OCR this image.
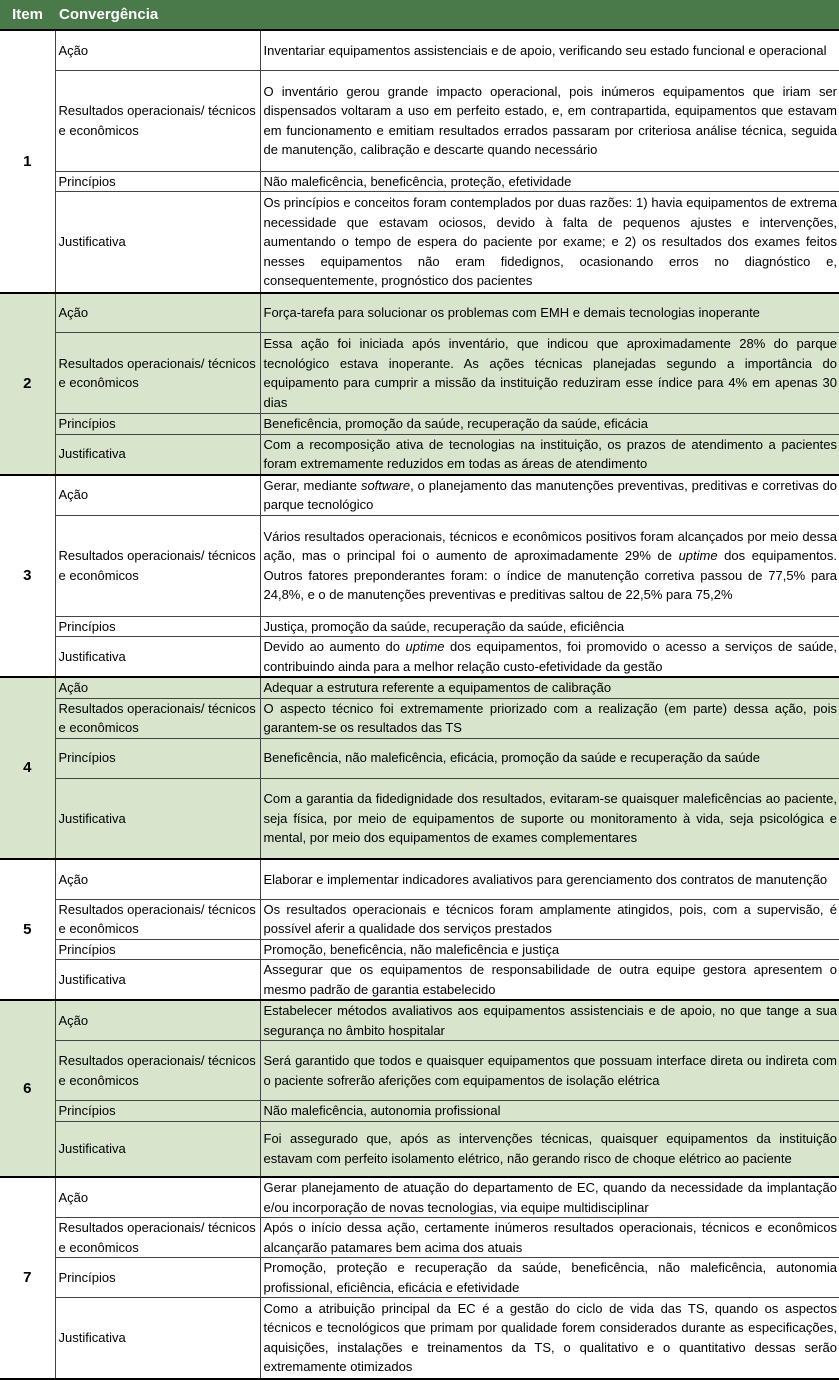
Item	Convergência	
1	Ação	Inventariar equipamentos assistenciais e de apoio, verificando seu estado funcional e operacional
	Resultados operacionais/ técnicos e econômicos	O inventário gerou grande impacto operacional, pois inúmeros equipamentos que iriam ser dispensados voltaram a uso em perfeito estado, e, em contrapartida, equipamentos que estavam em funcionamento e emitiam resultados errados passaram por criteriosa análise técnica, seguida de manutenção, calibração e descarte quando necessário
	Princípios	Não maleficência, beneficência, proteção, efetividade
	Justificativa	Os princípios e conceitos foram contemplados por duas razões: 1) havia equipamentos de extrema necessidade que estavam ociosos, devido à falta de pequenos ajustes e intervenções, aumentando o tempo de espera do paciente por exame; e 2) os resultados dos exames feitos nesses equipamentos não eram fidedignos, ocasionando erros no diagnóstico e, consequentemente, prognóstico dos pacientes
2	Ação	Força-tarefa para solucionar os problemas com EMH e demais tecnologias inoperante
	Resultados operacionais/ técnicos e econômicos	Essa ação foi iniciada após inventário, que indicou que aproximadamente 28% do parque tecnológico estava inoperante. As ações técnicas planejadas segundo a importância do equipamento para cumprir a missão da instituição reduziram esse índice para 4% em apenas 30 dias
	Princípios	Beneficência, promoção da saúde, recuperação da saúde, eficácia
	Justificativa	Com a recomposição ativa de tecnologias na instituição, os prazos de atendimento a pacientes foram extremamente reduzidos em todas as áreas de atendimento
3	Ação	Gerar, mediante software, o planejamento das manutenções preventivas, preditivas e corretivas do parque tecnológico
	Resultados operacionais/ técnicos e econômicos	Vários resultados operacionais, técnicos e econômicos positivos foram alcançados por meio dessa ação, mas o principal foi o aumento de aproximadamente 29% de uptime dos equipamentos. Outros fatores preponderantes foram: o índice de manutenção corretiva passou de 77,5% para 24,8%, e o de manutenções preventivas e preditivas saltou de 22,5% para 75,2%
	Princípios	Justiça, promoção da saúde, recuperação da saúde, eficiência
	Justificativa	Devido ao aumento do uptime dos equipamentos, foi promovido o acesso a serviços de saúde, contribuindo ainda para a melhor relação custo-efetividade da gestão
4	Ação	Adequar a estrutura referente a equipamentos de calibração
	Resultados operacionais/ técnicos e econômicos	O aspecto técnico foi extremamente priorizado com a realização (em parte) dessa ação, pois garantem-se os resultados das TS
	Princípios	Beneficência, não maleficência, eficácia, promoção da saúde e recuperação da saúde
	Justificativa	Com a garantia da fidedignidade dos resultados, evitaram-se quaisquer maleficências ao paciente, seja física, por meio de equipamentos de suporte ou monitoramento à vida, seja psicológica e mental, por meio dos equipamentos de exames complementares
5	Ação	Elaborar e implementar indicadores avaliativos para gerenciamento dos contratos de manutenção
	Resultados operacionais/ técnicos e econômicos	Os resultados operacionais e técnicos foram amplamente atingidos, pois, com a supervisão, é possível aferir a qualidade dos serviços prestados
	Princípios	Promoção, beneficência, não maleficência e justiça
	Justificativa	Assegurar que os equipamentos de responsabilidade de outra equipe gestora apresentem o mesmo padrão de garantia estabelecido
6	Ação	Estabelecer métodos avaliativos aos equipamentos assistenciais e de apoio, no que tange a sua segurança no âmbito hospitalar
	Resultados operacionais/ técnicos e econômicos	Será garantido que todos e quaisquer equipamentos que possuam interface direta ou indireta com o paciente sofrerão aferições com equipamentos de isolação elétrica
	Princípios	Não maleficência, autonomia profissional
	Justificativa	Foi assegurado que, após as intervenções técnicas, quaisquer equipamentos da instituição estavam com perfeito isolamento elétrico, não gerando risco de choque elétrico ao paciente
7	Ação	Gerar planejamento de atuação do departamento de EC, quando da necessidade da implantação e/ou incorporação de novas tecnologias, via equipe multidisciplinar
	Resultados operacionais/ técnicos e econômicos	Após o início dessa ação, certamente inúmeros resultados operacionais, técnicos e econômicos alcançarão patamares bem acima dos atuais
	Princípios	Promoção, proteção e recuperação da saúde, beneficência, não maleficência, autonomia profissional, eficiência, eficácia e efetividade
	Justificativa	Como a atribuição principal da EC é a gestão do ciclo de vida das TS, quando os aspectos técnicos e tecnológicos que primam por qualidade forem considerados durante as especificações, aquisições, instalações e treinamentos da TS, o qualitativo e o quantitativo dessas serão extremamente otimizados
